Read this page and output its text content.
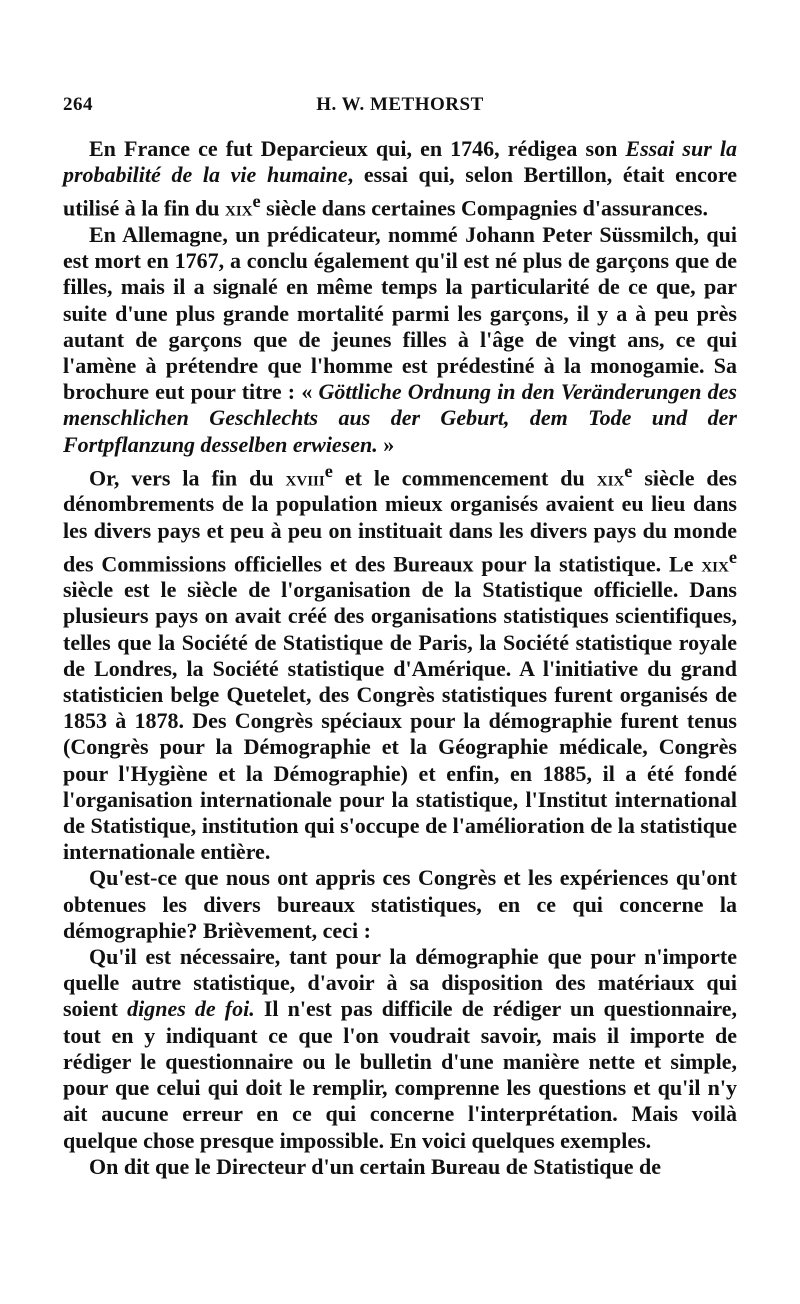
264	H. W. METHORST

En France ce fut Deparcieux qui, en 1746, rédigea son Essai sur la probabilité de la vie humaine, essai qui, selon Bertillon, était encore utilisé à la fin du xix$^e$ siècle dans certaines Compagnies d'assurances.

En Allemagne, un prédicateur, nommé Johann Peter Süssmilch, qui est mort en 1767, a conclu également qu'il est né plus de garçons que de filles, mais il a signalé en même temps la particularité de ce que, par suite d'une plus grande mortalité parmi les garçons, il y a à peu près autant de garçons que de jeunes filles à l'âge de vingt ans, ce qui l'amène à prétendre que l'homme est prédestiné à la monogamie. Sa brochure eut pour titre : « Göttliche Ordnung in den Veränderungen des menschlichen Geschlechts aus der Geburt, dem Tode und der Fortpflanzung desselben erwiesen. »

Or, vers la fin du xviii$^e$ et le commencement du xix$^e$ siècle des dénombrements de la population mieux organisés avaient eu lieu dans les divers pays et peu à peu on instituait dans les divers pays du monde des Commissions officielles et des Bureaux pour la statistique. Le xix$^e$ siècle est le siècle de l'organisation de la Statistique officielle. Dans plusieurs pays on avait créé des organisations statistiques scientifiques, telles que la Société de Statistique de Paris, la Société statistique royale de Londres, la Société statistique d'Amérique. A l'initiative du grand statisticien belge Quetelet, des Congrès statistiques furent organisés de 1853 à 1878. Des Congrès spéciaux pour la démographie furent tenus (Congrès pour la Démographie et la Géographie médicale, Congrès pour l'Hygiène et la Démographie) et enfin, en 1885, il a été fondé l'organisation internationale pour la statistique, l'Institut international de Statistique, institution qui s'occupe de l'amélioration de la statistique internationale entière.

Qu'est-ce que nous ont appris ces Congrès et les expériences qu'ont obtenues les divers bureaux statistiques, en ce qui concerne la démographie? Brièvement, ceci :

Qu'il est nécessaire, tant pour la démographie que pour n'importe quelle autre statistique, d'avoir à sa disposition des matériaux qui soient dignes de foi. Il n'est pas difficile de rédiger un questionnaire, tout en y indiquant ce que l'on voudrait savoir, mais il importe de rédiger le questionnaire ou le bulletin d'une manière nette et simple, pour que celui qui doit le remplir, comprenne les questions et qu'il n'y ait aucune erreur en ce qui concerne l'interprétation. Mais voilà quelque chose presque impossible. En voici quelques exemples.

On dit que le Directeur d'un certain Bureau de Statistique de
